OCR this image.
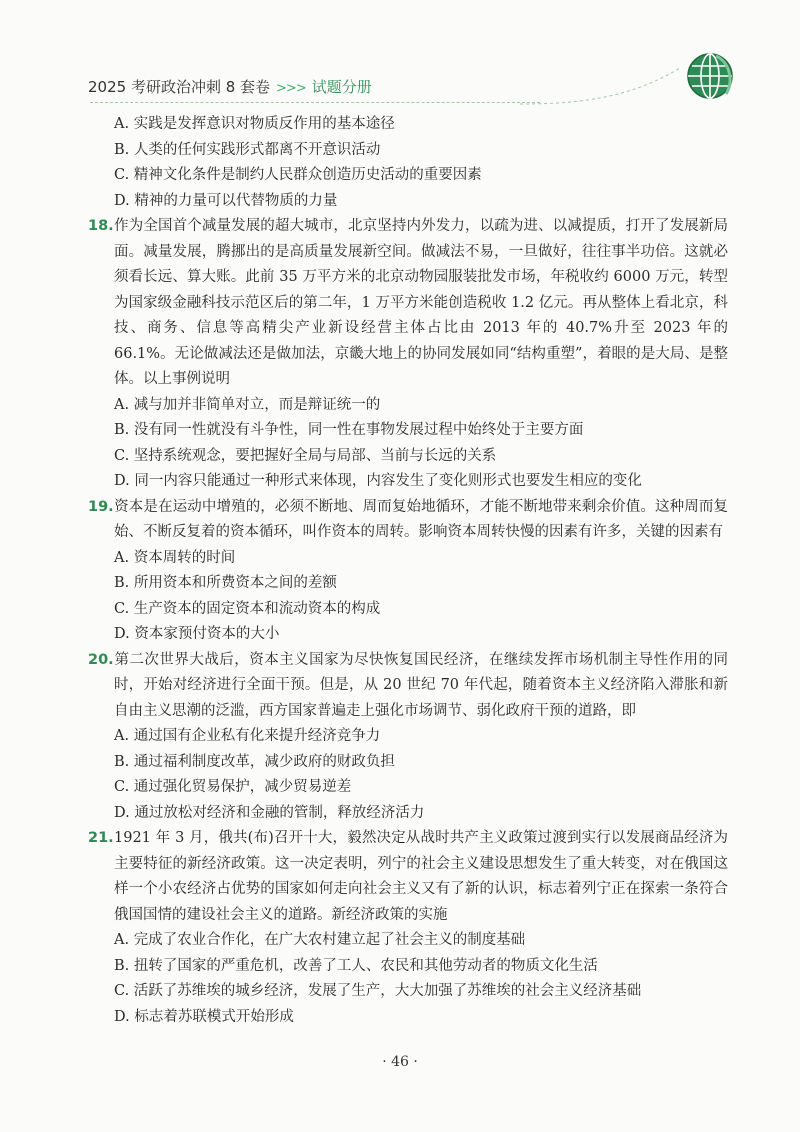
2025 考研政治冲刺 8 套卷 >>> 试题分册

A. 实践是发挥意识对物质反作用的基本途径

B. 人类的任何实践形式都离不开意识活动

C. 精神文化条件是制约人民群众创造历史活动的重要因素

D. 精神的力量可以代替物质的力量

18.作为全国首个减量发展的超大城市，北京坚持内外发力，以疏为进、以减提质，打开了发展新局面。减量发展，腾挪出的是高质量发展新空间。做减法不易，一旦做好，往往事半功倍。这就必须看长远、算大账。此前 35 万平方米的北京动物园服装批发市场，年税收约 6000 万元，转型为国家级金融科技示范区后的第二年，1 万平方米能创造税收 1.2 亿元。再从整体上看北京，科技、商务、信息等高精尖产业新设经营主体占比由 2013 年的 40.7%升至 2023 年的 66.1%。无论做减法还是做加法，京畿大地上的协同发展如同“结构重塑”，着眼的是大局、是整体。以上事例说明

A. 减与加并非简单对立，而是辩证统一的

B. 没有同一性就没有斗争性，同一性在事物发展过程中始终处于主要方面

C. 坚持系统观念，要把握好全局与局部、当前与长远的关系

D. 同一内容只能通过一种形式来体现，内容发生了变化则形式也要发生相应的变化

19.资本是在运动中增殖的，必须不断地、周而复始地循环，才能不断地带来剩余价值。这种周而复始、不断反复着的资本循环，叫作资本的周转。影响资本周转快慢的因素有许多，关键的因素有

A. 资本周转的时间

B. 所用资本和所费资本之间的差额

C. 生产资本的固定资本和流动资本的构成

D. 资本家预付资本的大小

20.第二次世界大战后，资本主义国家为尽快恢复国民经济，在继续发挥市场机制主导性作用的同时，开始对经济进行全面干预。但是，从 20 世纪 70 年代起，随着资本主义经济陷入滞胀和新自由主义思潮的泛滥，西方国家普遍走上强化市场调节、弱化政府干预的道路，即

A. 通过国有企业私有化来提升经济竞争力

B. 通过福利制度改革，减少政府的财政负担

C. 通过强化贸易保护，减少贸易逆差

D. 通过放松对经济和金融的管制，释放经济活力

21.1921 年 3 月，俄共(布)召开十大，毅然决定从战时共产主义政策过渡到实行以发展商品经济为主要特征的新经济政策。这一决定表明，列宁的社会主义建设思想发生了重大转变，对在俄国这样一个小农经济占优势的国家如何走向社会主义又有了新的认识，标志着列宁正在探索一条符合俄国国情的建设社会主义的道路。新经济政策的实施

A. 完成了农业合作化，在广大农村建立起了社会主义的制度基础

B. 扭转了国家的严重危机，改善了工人、农民和其他劳动者的物质文化生活

C. 活跃了苏维埃的城乡经济，发展了生产，大大加强了苏维埃的社会主义经济基础

D. 标志着苏联模式开始形成

· 46 ·
